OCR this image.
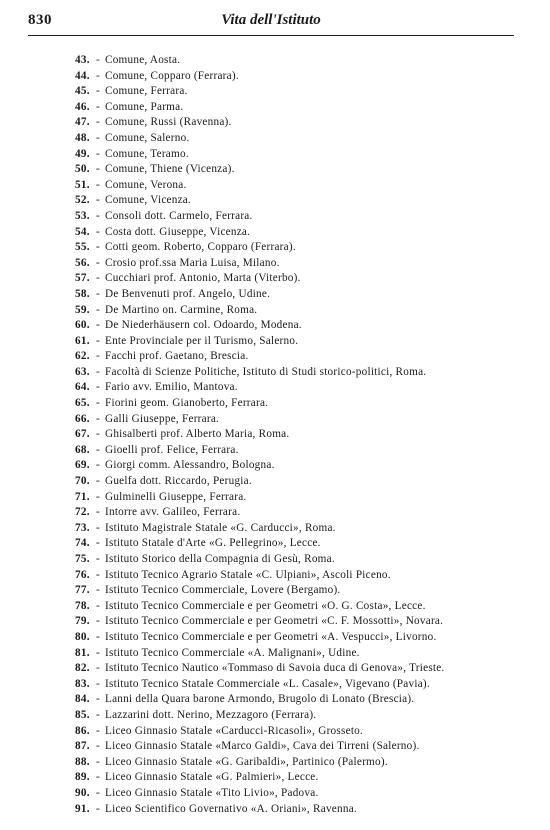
830	Vita dell'Istituto
43. - Comune, Aosta.
44. - Comune, Copparo (Ferrara).
45. - Comune, Ferrara.
46. - Comune, Parma.
47. - Comune, Russi (Ravenna).
48. - Comune, Salerno.
49. - Comune, Teramo.
50. - Comune, Thiene (Vicenza).
51. - Comune, Verona.
52. - Comune, Vicenza.
53. - Consoli dott. Carmelo, Ferrara.
54. - Costa dott. Giuseppe, Vicenza.
55. - Cotti geom. Roberto, Copparo (Ferrara).
56. - Crosio prof.ssa Maria Luisa, Milano.
57. - Cucchiari prof. Antonio, Marta (Viterbo).
58. - De Benvenuti prof. Angelo, Udine.
59. - De Martino on. Carmine, Roma.
60. - De Niederhäusern col. Odoardo, Modena.
61. - Ente Provinciale per il Turismo, Salerno.
62. - Facchi prof. Gaetano, Brescia.
63. - Facoltà di Scienze Politiche, Istituto di Studi storico-politici, Roma.
64. - Fario avv. Emilio, Mantova.
65. - Fiorini geom. Gianoberto, Ferrara.
66. - Galli Giuseppe, Ferrara.
67. - Ghisalberti prof. Alberto Maria, Roma.
68. - Gioelli prof. Felice, Ferrara.
69. - Giorgi comm. Alessandro, Bologna.
70. - Guelfa dott. Riccardo, Perugia.
71. - Gulminelli Giuseppe, Ferrara.
72. - Intorre avv. Galileo, Ferrara.
73. - Istituto Magistrale Statale «G. Carducci», Roma.
74. - Istituto Statale d'Arte «G. Pellegrino», Lecce.
75. - Istituto Storico della Compagnia di Gesù, Roma.
76. - Istituto Tecnico Agrario Statale «C. Ulpiani», Ascoli Piceno.
77. - Istituto Tecnico Commerciale, Lovere (Bergamo).
78. - Istituto Tecnico Commerciale e per Geometri «O. G. Costa», Lecce.
79. - Istituto Tecnico Commerciale e per Geometri «C. F. Mossotti», Novara.
80. - Istituto Tecnico Commerciale e per Geometri «A. Vespucci», Livorno.
81. - Istituto Tecnico Commerciale «A. Malignani», Udine.
82. - Istituto Tecnico Nautico «Tommaso di Savoia duca di Genova», Trieste.
83. - Istituto Tecnico Statale Commerciale «L. Casale», Vigevano (Pavia).
84. - Lanni della Quara barone Armondo, Brugolo di Lonato (Brescia).
85. - Lazzarini dott. Nerino, Mezzagoro (Ferrara).
86. - Liceo Ginnasio Statale «Carducci-Ricasoli», Grosseto.
87. - Liceo Ginnasio Statale «Marco Galdi», Cava dei Tirreni (Salerno).
88. - Liceo Ginnasio Statale «G. Garibaldi», Partinico (Palermo).
89. - Liceo Ginnasio Statale «G. Palmieri», Lecce.
90. - Liceo Ginnasio Statale «Tito Livio», Padova.
91. - Liceo Scientifico Governativo «A. Oriani», Ravenna.
